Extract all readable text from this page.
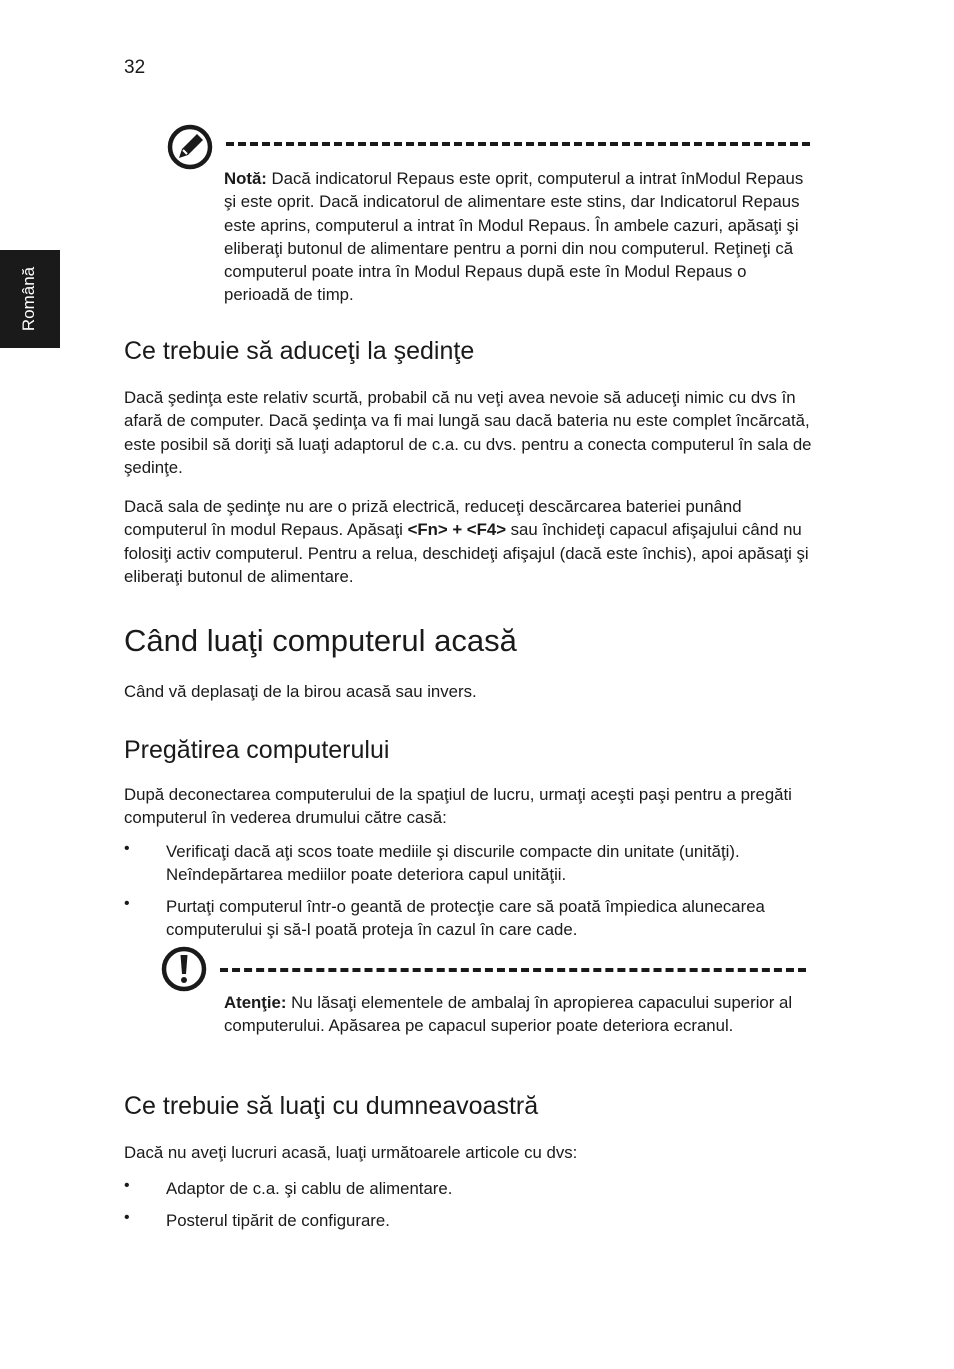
32
Română

Notă: Dacă indicatorul Repaus este oprit, computerul a intrat înModul Repaus şi este oprit. Dacă indicatorul de alimentare este stins, dar Indicatorul Repaus este aprins, computerul a intrat în Modul Repaus. În ambele cazuri, apăsaţi şi eliberaţi butonul de alimentare pentru a porni din nou computerul. Reţineţi că computerul poate intra în Modul Repaus după este în Modul Repaus o perioadă de timp.

Ce trebuie să aduceţi la şedinţe

Dacă şedinţa este relativ scurtă, probabil că nu veţi avea nevoie să aduceţi nimic cu dvs în afară de computer. Dacă şedinţa va fi mai lungă sau dacă bateria nu este complet încărcată, este posibil să doriţi să luaţi adaptorul de c.a. cu dvs. pentru a conecta computerul în sala de şedinţe.

Dacă sala de şedinţe nu are o priză electrică, reduceţi descărcarea bateriei punând computerul în modul Repaus. Apăsaţi <Fn> + <F4> sau închideţi capacul afişajului când nu folosiţi activ computerul. Pentru a relua, deschideţi afişajul (dacă este închis), apoi apăsaţi şi eliberaţi butonul de alimentare.

Când luaţi computerul acasă

Când vă deplasaţi de la birou acasă sau invers.

Pregătirea computerului

După deconectarea computerului de la spaţiul de lucru, urmaţi aceşti paşi pentru a pregăti computerul în vederea drumului către casă:

• Verificaţi dacă aţi scos toate mediile şi discurile compacte din unitate (unităţi). Neîndepărtarea mediilor poate deteriora capul unităţii.

• Purtaţi computerul într-o geantă de protecţie care să poată împiedica alunecarea computerului şi să-l poată proteja în cazul în care cade.

Atenţie: Nu lăsaţi elementele de ambalaj în apropierea capacului superior al computerului. Apăsarea pe capacul superior poate deteriora ecranul.

Ce trebuie să luaţi cu dumneavoastră

Dacă nu aveţi lucruri acasă, luaţi următoarele articole cu dvs:

• Adaptor de c.a. şi cablu de alimentare.

• Posterul tipărit de configurare.
